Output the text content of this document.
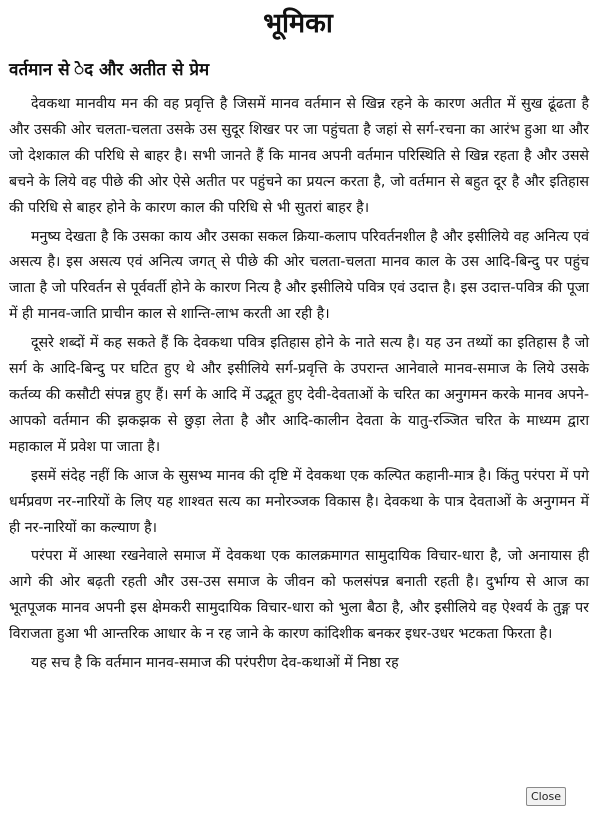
भूमिका
वर्तमान से ेद और अतीत से प्रेम

देवकथा मानवीय मन की वह प्रवृत्ति है जिसमें मानव वर्तमान से खिन्न रहने के कारण अतीत में सुख ढूंढता है और उसकी ओर चलता-चलता उसके उस सुदूर शिखर पर जा पहुंचता है जहां से सर्ग-रचना का आरंभ हुआ था और जो देशकाल की परिधि से बाहर है। सभी जानते हैं कि मानव अपनी वर्तमान परिस्थिति से खिन्न रहता है और उससे बचने के लिये वह पीछे की ओर ऐसे अतीत पर पहुंचने का प्रयत्न करता है, जो वर्तमान से बहुत दूर है और इतिहास की परिधि से बाहर होने के कारण काल की परिधि से भी सुतरां बाहर है।

मनुष्य देखता है कि उसका काय और उसका सकल क्रिया-कलाप परिवर्तनशील है और इसीलिये वह अनित्य एवं असत्य है। इस असत्य एवं अनित्य जगत् से पीछे की ओर चलता-चलता मानव काल के उस आदि-बिन्दु पर पहुंच जाता है जो परिवर्तन से पूर्ववर्ती होने के कारण नित्य है और इसीलिये पवित्र एवं उदात्त है। इस उदात्त-पवित्र की पूजा में ही मानव-जाति प्राचीन काल से शान्ति-लाभ करती आ रही है।

दूसरे शब्दों में कह सकते हैं कि देवकथा पवित्र इतिहास होने के नाते सत्य है। यह उन तथ्यों का इतिहास है जो सर्ग के आदि-बिन्दु पर घटित हुए थे और इसीलिये सर्ग-प्रवृत्ति के उपरान्त आनेवाले मानव-समाज के लिये उसके कर्तव्य की कसौटी संपन्न हुए हैं। सर्ग के आदि में उद्भूत हुए देवी-देवताओं के चरित का अनुगमन करके मानव अपने-आपको वर्तमान की झकझक से छुड़ा लेता है और आदि-कालीन देवता के यातु-रञ्जित चरित के माध्यम द्वारा महाकाल में प्रवेश पा जाता है।

इसमें संदेह नहीं कि आज के सुसभ्य मानव की दृष्टि में देवकथा एक कल्पित कहानी-मात्र है। किंतु परंपरा में पगे धर्मप्रवण नर-नारियों के लिए यह शाश्वत सत्य का मनोरञ्जक विकास है। देवकथा के पात्र देवताओं के अनुगमन में ही नर-नारियों का कल्याण है।

परंपरा में आस्था रखनेवाले समाज में देवकथा एक कालक्रमागत सामुदायिक विचार-धारा है, जो अनायास ही आगे की ओर बढ़ती रहती और उस-उस समाज के जीवन को फलसंपन्न बनाती रहती है। दुर्भाग्य से आज का भूतपूजक मानव अपनी इस क्षेमकरी सामुदायिक विचार-धारा को भुला बैठा है, और इसीलिये वह ऐश्वर्य के तुङ्ग पर विराजता हुआ भी आन्तरिक आधार के न रह जाने के कारण कांदिशीक बनकर इधर-उधर भटकता फिरता है।

यह सच है कि वर्तमान मानव-समाज की परंपरीण देव-कथाओं में निष्ठा रह

Close
